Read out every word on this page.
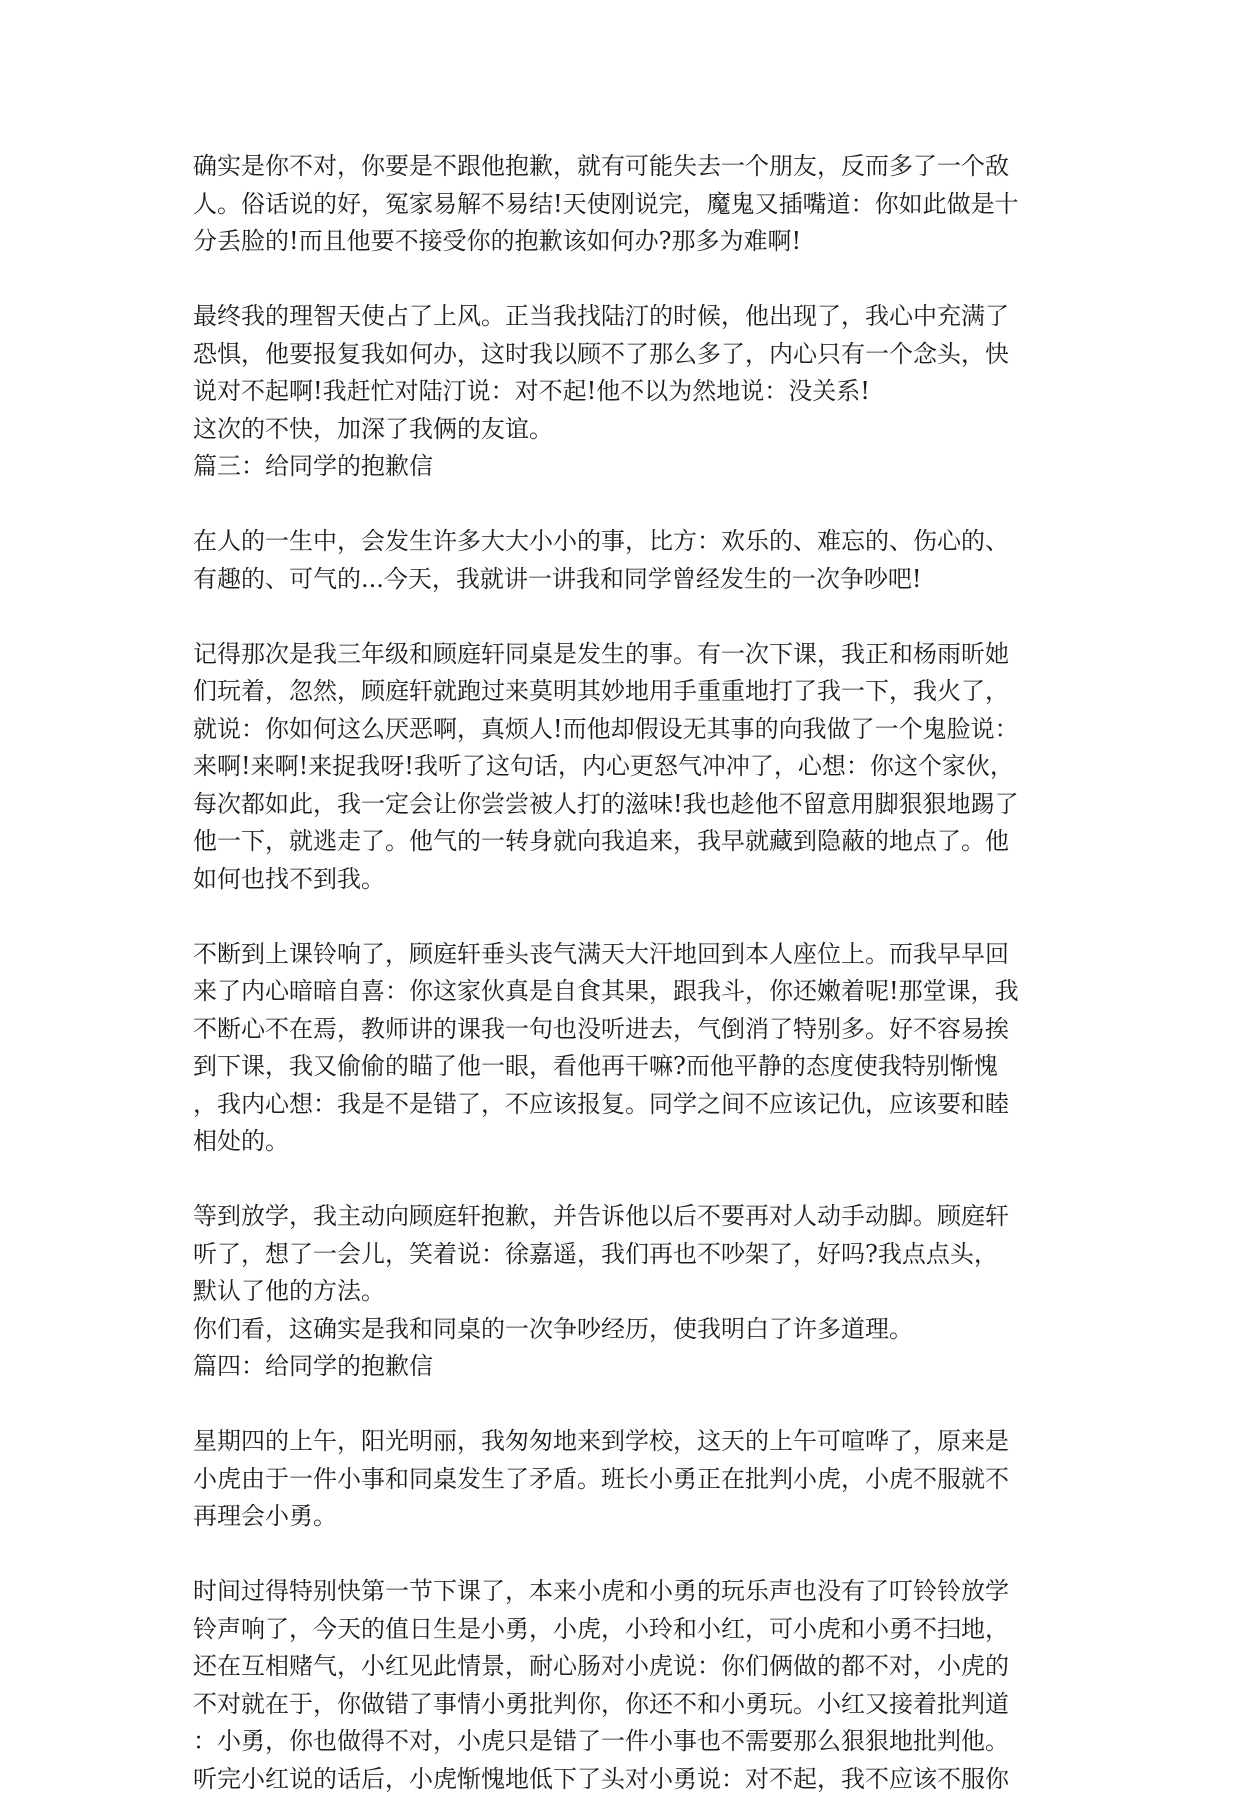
确实是你不对，你要是不跟他抱歉，就有可能失去一个朋友，反而多了一个敌
人。俗话说的好，冤家易解不易结!天使刚说完，魔鬼又插嘴道：你如此做是十
分丢脸的!而且他要不接受你的抱歉该如何办?那多为难啊!

最终我的理智天使占了上风。正当我找陆汀的时候，他出现了，我心中充满了
恐惧，他要报复我如何办，这时我以顾不了那么多了，内心只有一个念头，快
说对不起啊!我赶忙对陆汀说：对不起!他不以为然地说：没关系!

这次的不快，加深了我俩的友谊。

篇三：给同学的抱歉信

在人的一生中，会发生许多大大小小的事，比方：欢乐的、难忘的、伤心的、
有趣的、可气的...今天，我就讲一讲我和同学曾经发生的一次争吵吧!

记得那次是我三年级和顾庭轩同桌是发生的事。有一次下课，我正和杨雨昕她
们玩着，忽然，顾庭轩就跑过来莫明其妙地用手重重地打了我一下，我火了，
就说：你如何这么厌恶啊，真烦人!而他却假设无其事的向我做了一个鬼脸说：
来啊!来啊!来捉我呀!我听了这句话，内心更怒气冲冲了，心想：你这个家伙，
每次都如此，我一定会让你尝尝被人打的滋味!我也趁他不留意用脚狠狠地踢了
他一下，就逃走了。他气的一转身就向我追来，我早就藏到隐蔽的地点了。他
如何也找不到我。

不断到上课铃响了，顾庭轩垂头丧气满天大汗地回到本人座位上。而我早早回
来了内心暗暗自喜：你这家伙真是自食其果，跟我斗，你还嫩着呢!那堂课，我
不断心不在焉，教师讲的课我一句也没听进去，气倒消了特别多。好不容易挨
到下课，我又偷偷的瞄了他一眼，看他再干嘛?而他平静的态度使我特别惭愧
，我内心想：我是不是错了，不应该报复。同学之间不应该记仇，应该要和睦
相处的。

等到放学，我主动向顾庭轩抱歉，并告诉他以后不要再对人动手动脚。顾庭轩
听了，想了一会儿，笑着说：徐嘉遥，我们再也不吵架了，好吗?我点点头，
默认了他的方法。

你们看，这确实是我和同桌的一次争吵经历，使我明白了许多道理。

篇四：给同学的抱歉信

星期四的上午，阳光明丽，我匆匆地来到学校，这天的上午可喧哗了，原来是
小虎由于一件小事和同桌发生了矛盾。班长小勇正在批判小虎，小虎不服就不
再理会小勇。

时间过得特别快第一节下课了，本来小虎和小勇的玩乐声也没有了叮铃铃放学
铃声响了，今天的值日生是小勇，小虎，小玲和小红，可小虎和小勇不扫地，
还在互相赌气，小红见此情景，耐心肠对小虎说：你们俩做的都不对，小虎的
不对就在于，你做错了事情小勇批判你，你还不和小勇玩。小红又接着批判道
：小勇，你也做得不对，小虎只是错了一件小事也不需要那么狠狠地批判他。
听完小红说的话后，小虎惭愧地低下了头对小勇说：对不起，我不应该不服你
